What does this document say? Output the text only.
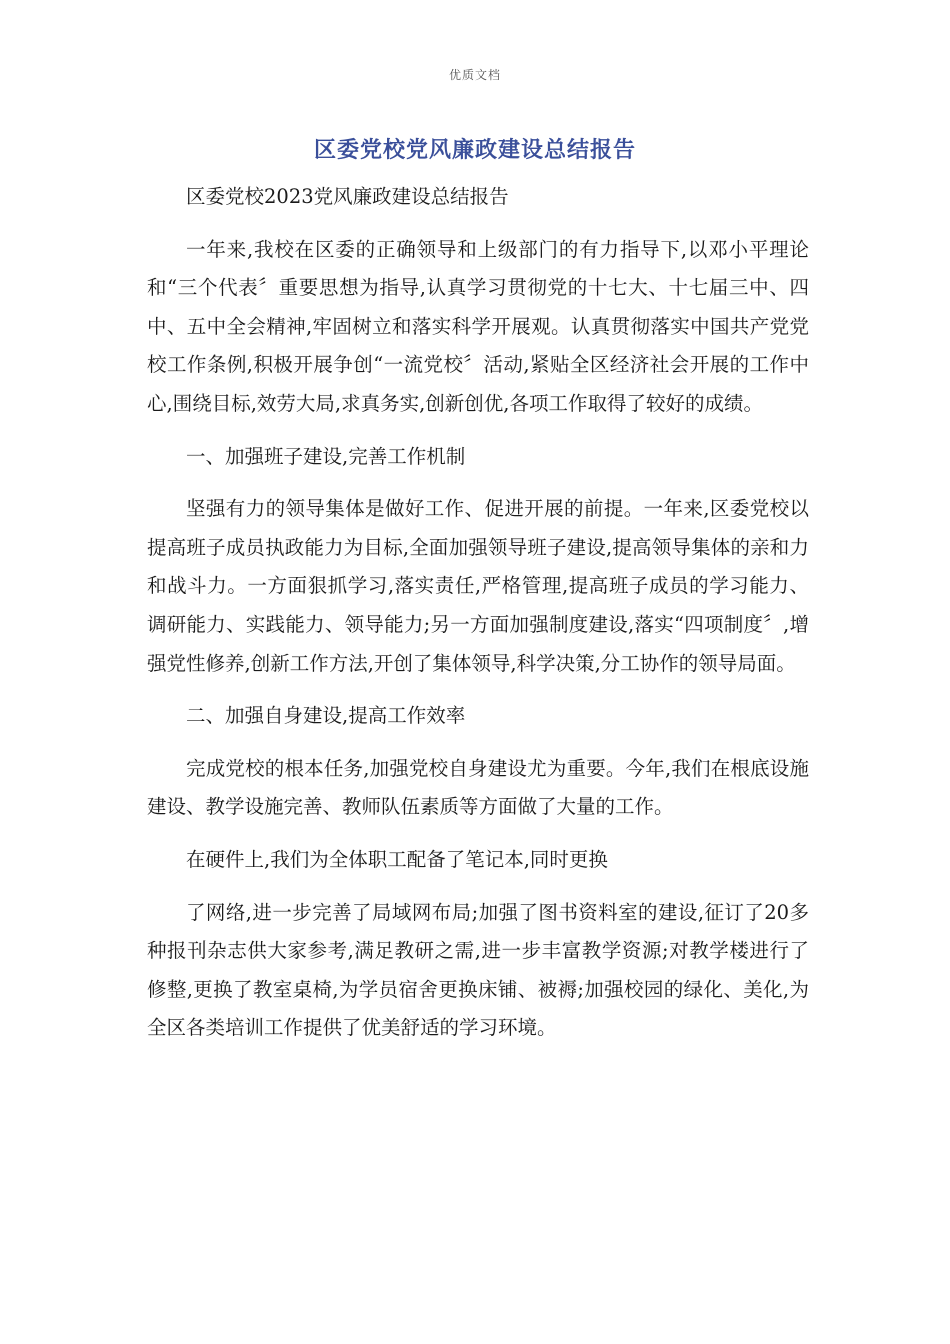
优质文档
区委党校党风廉政建设总结报告

区委党校2023党风廉政建设总结报告

一年来,我校在区委的正确领导和上级部门的有力指导下,以邓小平理论和“三个代表〞重要思想为指导,认真学习贯彻党的十七大、十七届三中、四中、五中全会精神,牢固树立和落实科学开展观。认真贯彻落实中国共产党党校工作条例,积极开展争创“一流党校〞活动,紧贴全区经济社会开展的工作中心,围绕目标,效劳大局,求真务实,创新创优,各项工作取得了较好的成绩。

一、加强班子建设,完善工作机制

坚强有力的领导集体是做好工作、促进开展的前提。一年来,区委党校以提高班子成员执政能力为目标,全面加强领导班子建设,提高领导集体的亲和力和战斗力。一方面狠抓学习,落实责任,严格管理,提高班子成员的学习能力、调研能力、实践能力、领导能力;另一方面加强制度建设,落实“四项制度〞,增强党性修养,创新工作方法,开创了集体领导,科学决策,分工协作的领导局面。

二、加强自身建设,提高工作效率

完成党校的根本任务,加强党校自身建设尤为重要。今年,我们在根底设施建设、教学设施完善、教师队伍素质等方面做了大量的工作。

在硬件上,我们为全体职工配备了笔记本,同时更换

了网络,进一步完善了局域网布局;加强了图书资料室的建设,征订了20多种报刊杂志供大家参考,满足教研之需,进一步丰富教学资源;对教学楼进行了修整,更换了教室桌椅,为学员宿舍更换床铺、被褥;加强校园的绿化、美化,为全区各类培训工作提供了优美舒适的学习环境。
